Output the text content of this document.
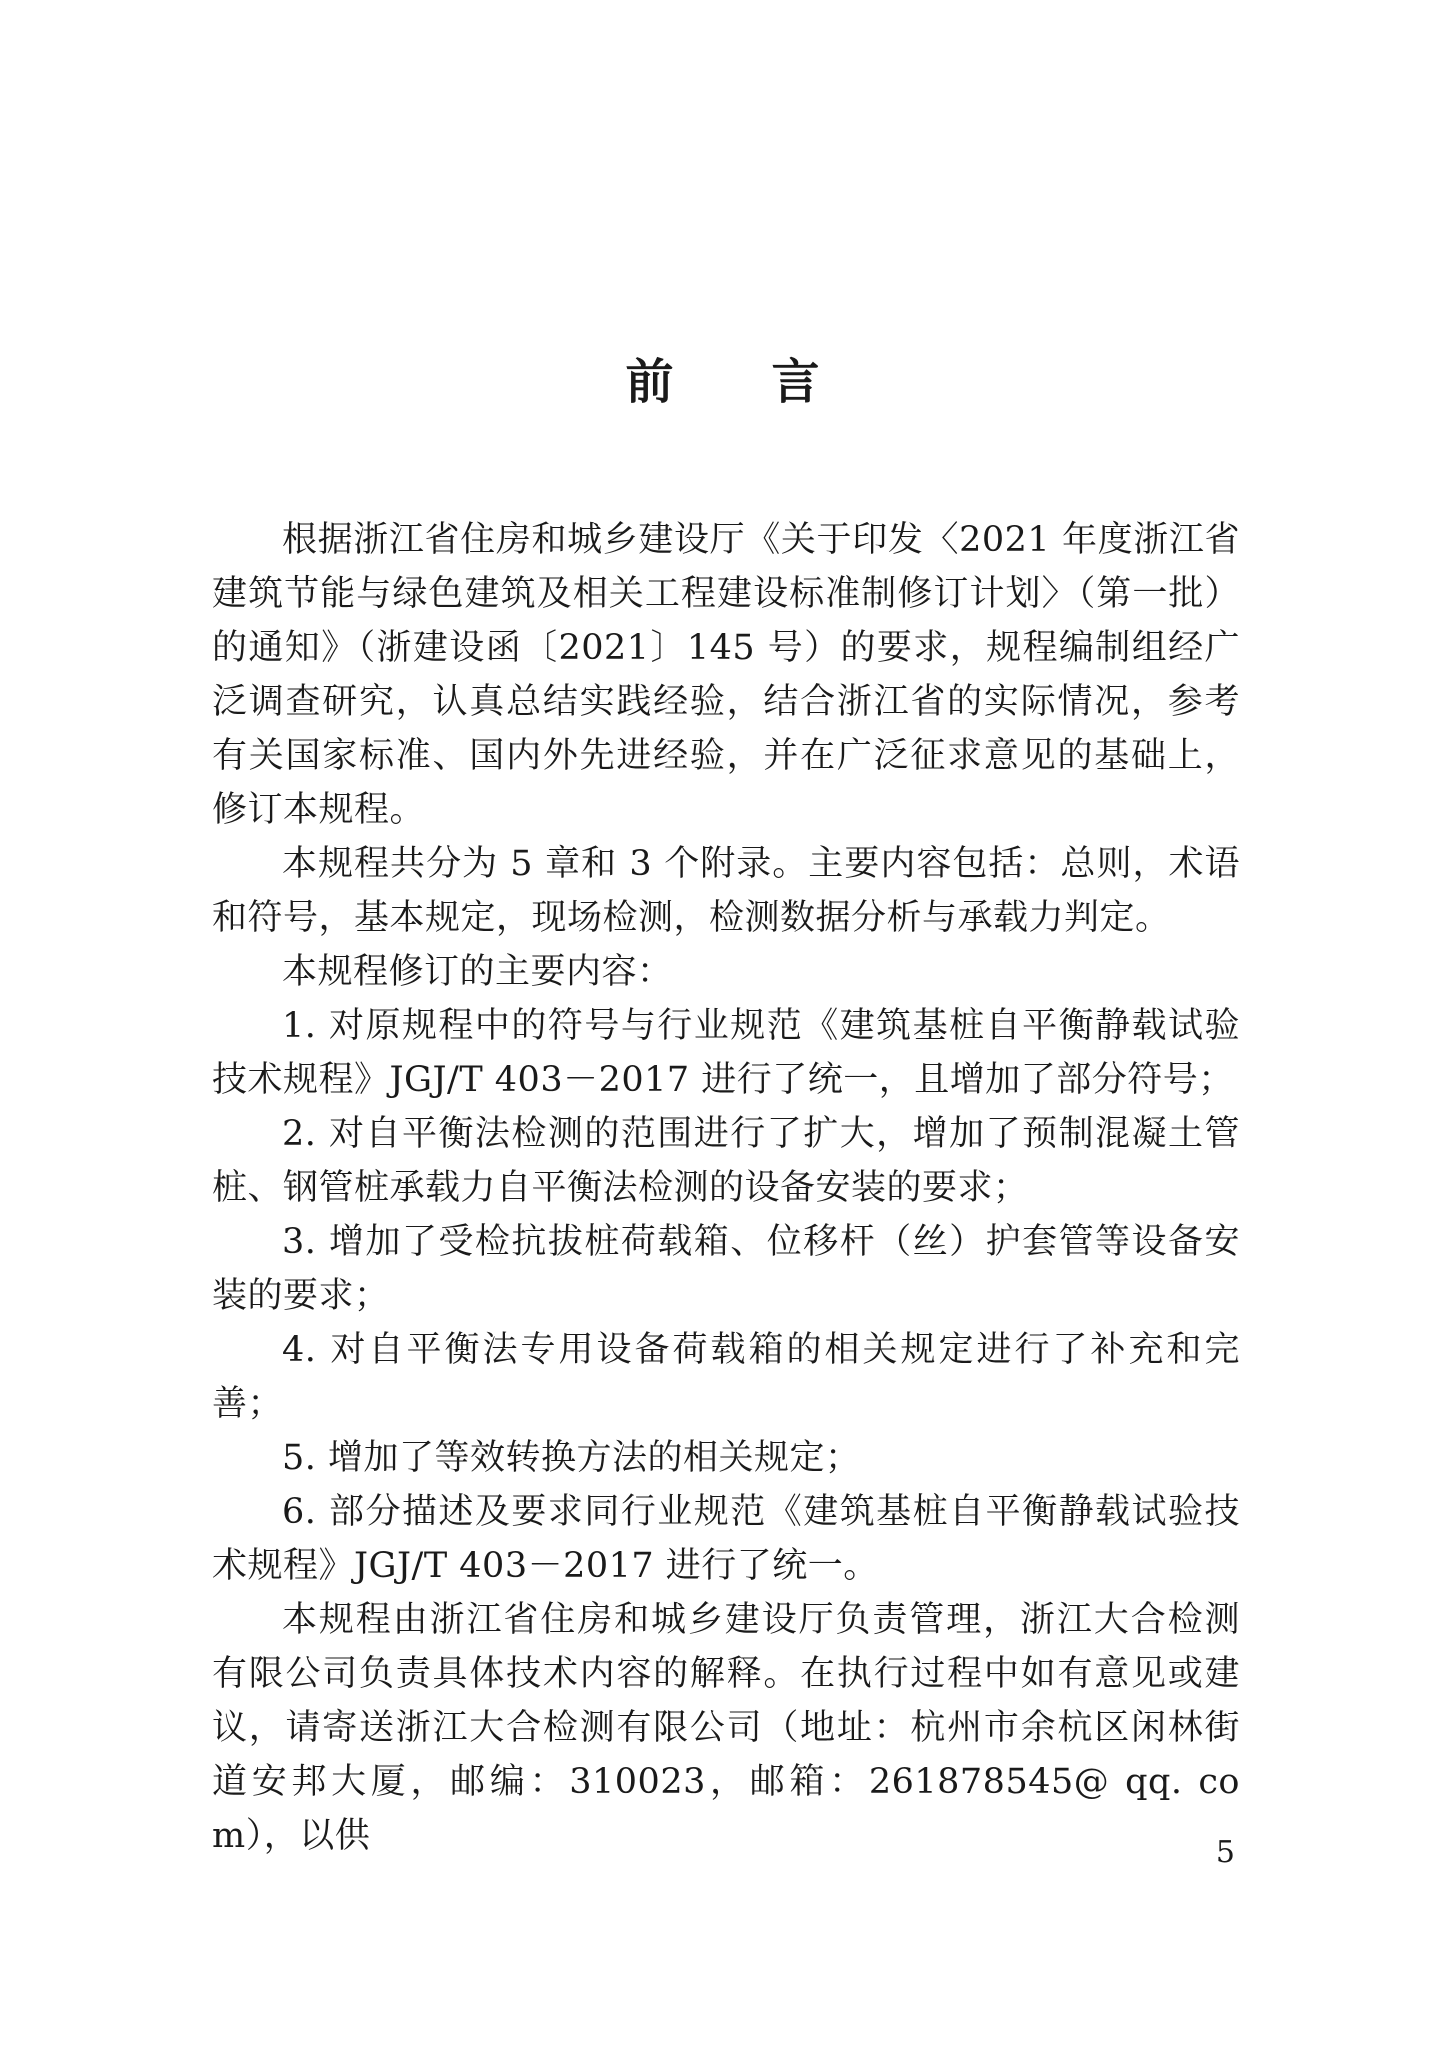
前 言

根据浙江省住房和城乡建设厅《关于印发〈2021 年度浙江省建筑节能与绿色建筑及相关工程建设标准制修订计划〉（第一批）的通知》（浙建设函〔2021〕145 号）的要求，规程编制组经广泛调查研究，认真总结实践经验，结合浙江省的实际情况，参考有关国家标准、国内外先进经验，并在广泛征求意见的基础上，修订本规程。

本规程共分为 5 章和 3 个附录。主要内容包括：总则，术语和符号，基本规定，现场检测，检测数据分析与承载力判定。

本规程修订的主要内容：

1. 对原规程中的符号与行业规范《建筑基桩自平衡静载试验技术规程》JGJ/T 403－2017 进行了统一，且增加了部分符号；

2. 对自平衡法检测的范围进行了扩大，增加了预制混凝土管桩、钢管桩承载力自平衡法检测的设备安装的要求；

3. 增加了受检抗拔桩荷载箱、位移杆（丝）护套管等设备安装的要求；

4. 对自平衡法专用设备荷载箱的相关规定进行了补充和完善；

5. 增加了等效转换方法的相关规定；

6. 部分描述及要求同行业规范《建筑基桩自平衡静载试验技术规程》JGJ/T 403－2017 进行了统一。

本规程由浙江省住房和城乡建设厅负责管理，浙江大合检测有限公司负责具体技术内容的解释。在执行过程中如有意见或建议，请寄送浙江大合检测有限公司（地址：杭州市余杭区闲林街道安邦大厦，邮编：310023，邮箱：261878545@ qq. com），以供	5
